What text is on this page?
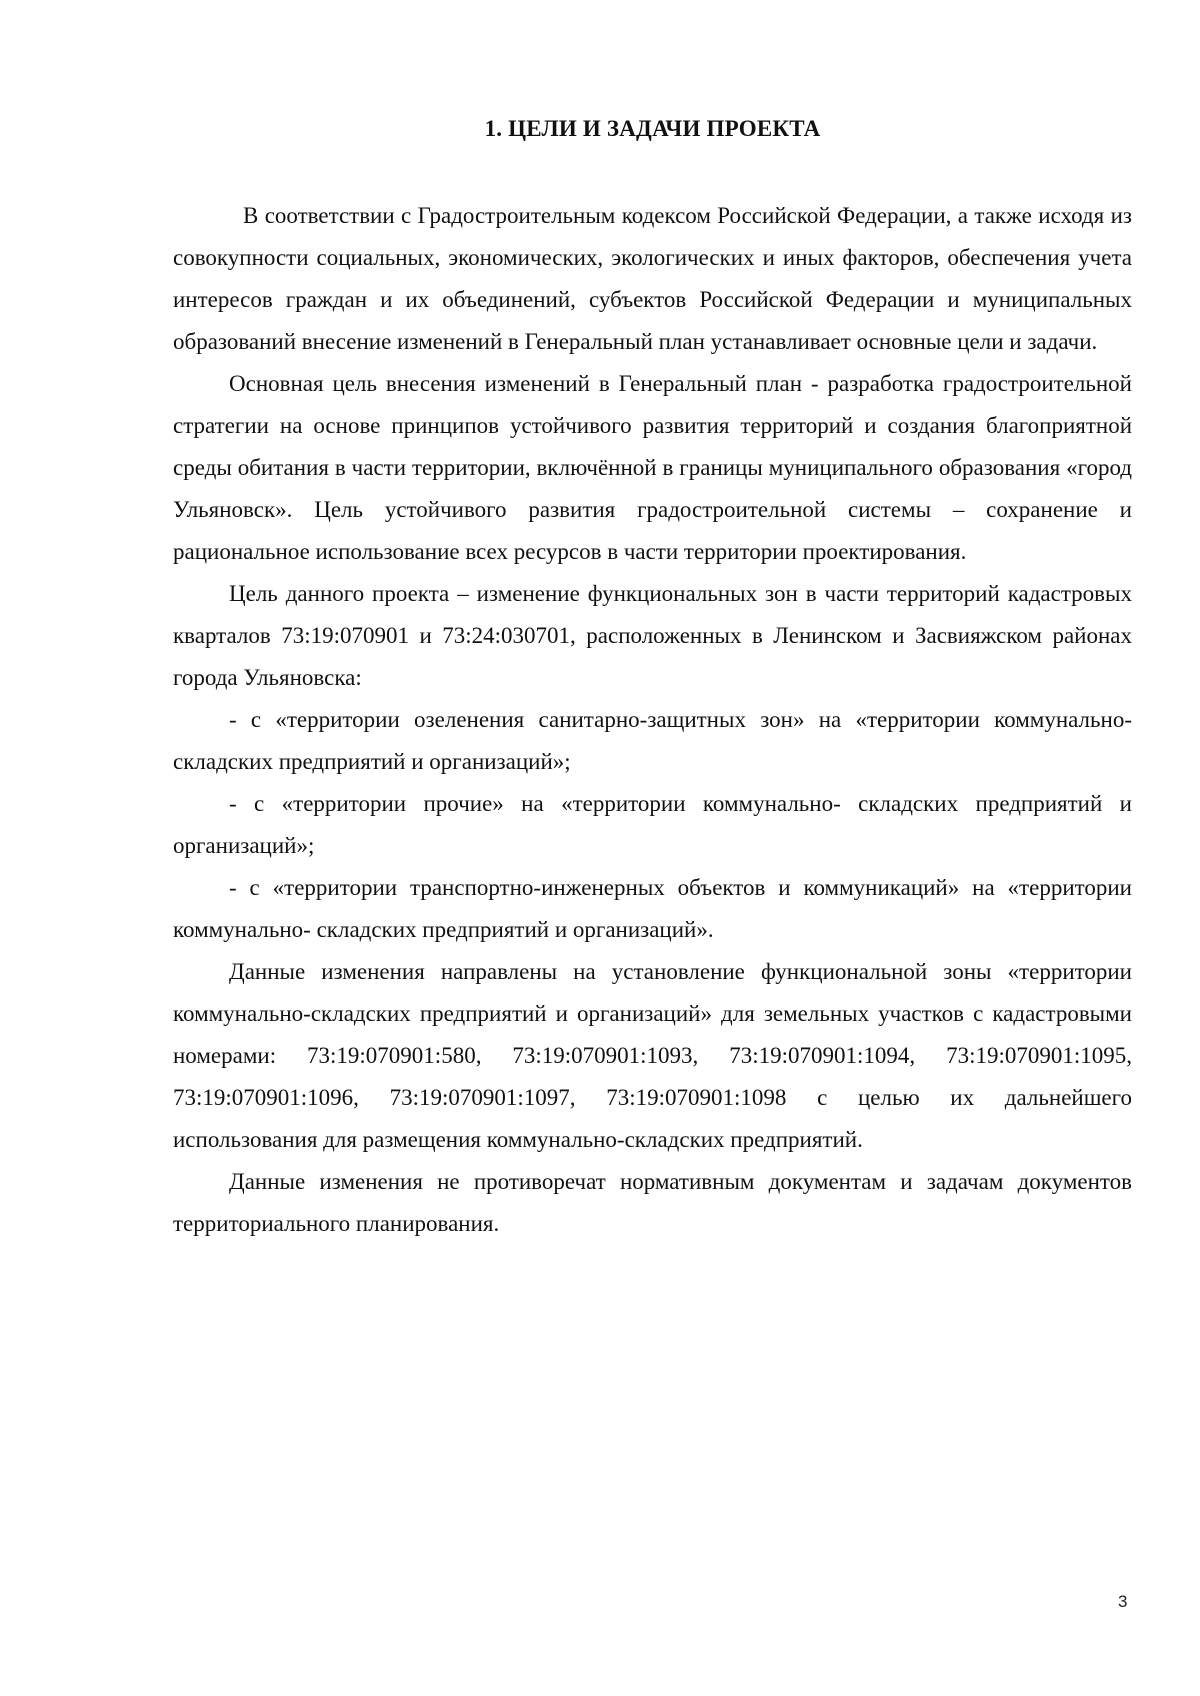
1. ЦЕЛИ И ЗАДАЧИ ПРОЕКТА

В соответствии с Градостроительным кодексом Российской Федерации, а также исходя из совокупности социальных, экономических, экологических и иных факторов, обеспечения учета интересов граждан и их объединений, субъектов Российской Федерации и муниципальных образований внесение изменений в Генеральный план устанавливает основные цели и задачи.

Основная цель внесения изменений в Генеральный план - разработка градостроительной стратегии на основе принципов устойчивого развития территорий и создания благоприятной среды обитания в части территории, включённой в границы муниципального образования «город Ульяновск». Цель устойчивого развития градостроительной системы – сохранение и рациональное использование всех ресурсов в части территории проектирования.

Цель данного проекта – изменение функциональных зон в части территорий кадастровых кварталов 73:19:070901 и 73:24:030701, расположенных в Ленинском и Засвияжском районах города Ульяновска:

- с «территории озеленения санитарно-защитных зон» на «территории коммунально-складских предприятий и организаций»;

- с «территории прочие» на «территории коммунально- складских предприятий и организаций»;

- с «территории транспортно-инженерных объектов и коммуникаций» на «территории коммунально- складских предприятий и организаций».

Данные изменения направлены на установление функциональной зоны «территории коммунально-складских предприятий и организаций» для земельных участков с кадастровыми номерами: 73:19:070901:580, 73:19:070901:1093, 73:19:070901:1094, 73:19:070901:1095, 73:19:070901:1096, 73:19:070901:1097, 73:19:070901:1098 с целью их дальнейшего использования для размещения коммунально-складских предприятий.

Данные изменения не противоречат нормативным документам и задачам документов территориального планирования.

3
